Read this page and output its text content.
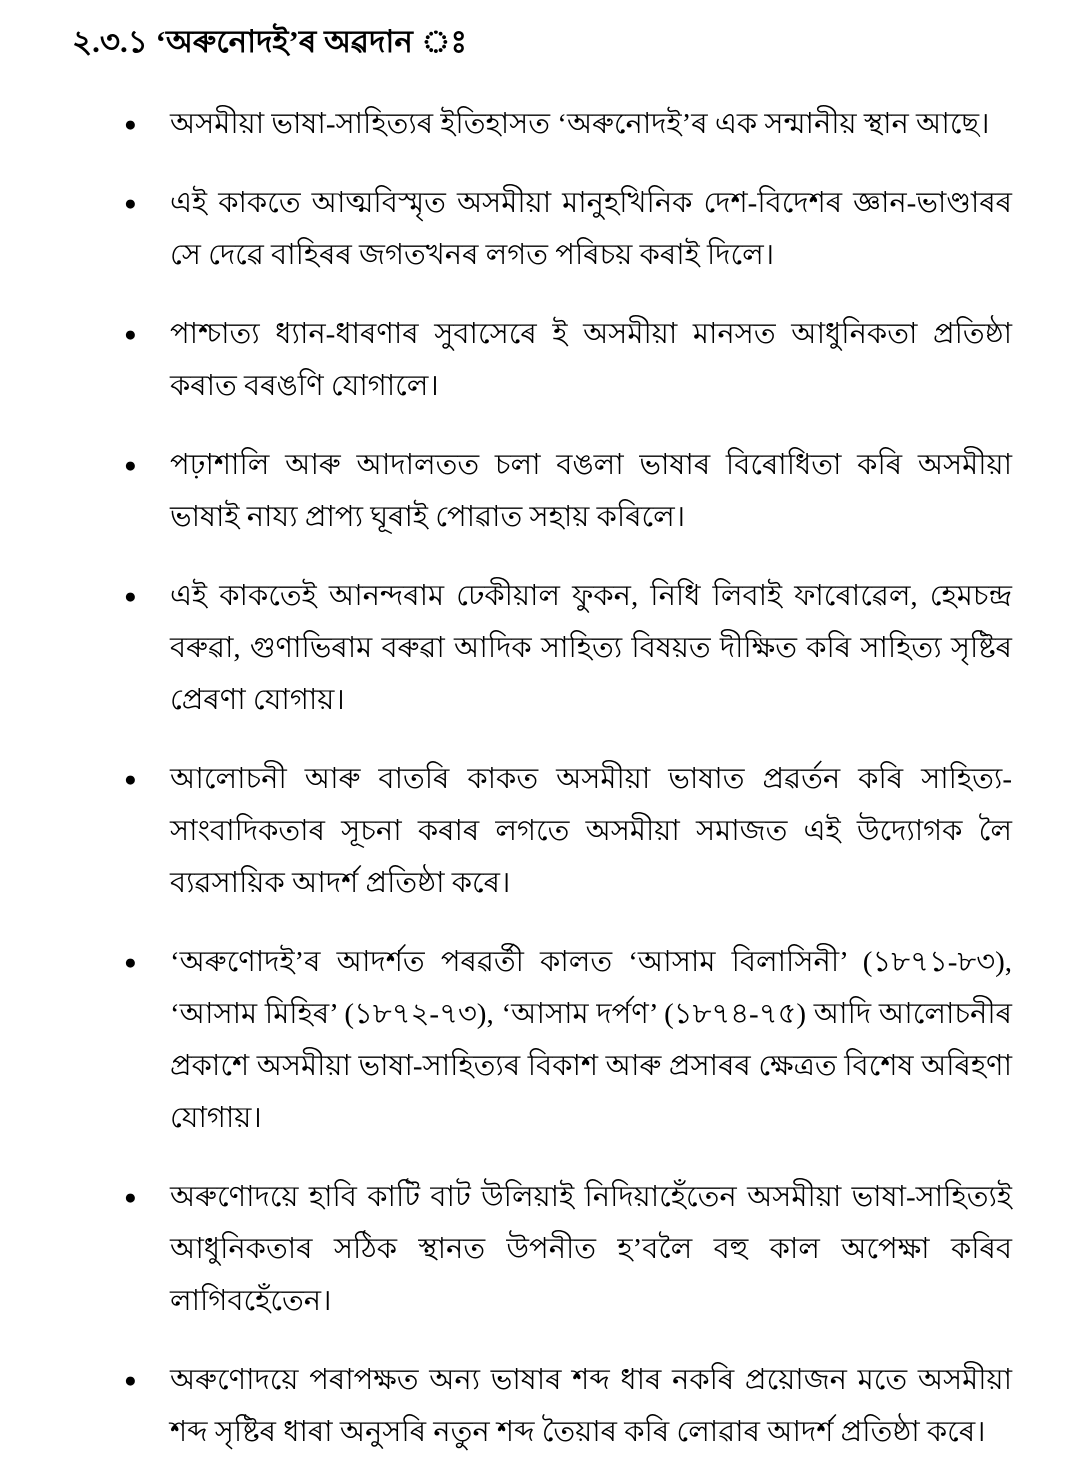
২.৩.১ ‘অৰুনোদই’ৰ অৱদান ঃ
● অসমীয়া ভাষা-সাহিত্যৰ ইতিহাসত ‘অৰুনোদই’ৰ এক সন্মানীয় স্থান আছে।
● এই কাকতে আত্মবিস্মৃত অসমীয়া মানুহখিনিক দেশ-বিদেশৰ জ্ঞান-ভাণ্ডাৰৰ সে দেৱে বাহিৰৰ জগতখনৰ লগত পৰিচয় কৰাই দিলে।
● পাশ্চাত্য ধ্যান-ধাৰণাৰ সুবাসেৰে ই অসমীয়া মানসত আধুনিকতা প্ৰতিষ্ঠা কৰাত বৰঙণি যোগালে।
● পঢ়াশালি আৰু আদালতত চলা বঙলা ভাষাৰ বিৰোধিতা কৰি অসমীয়া ভাষাই নায্য প্ৰাপ্য ঘূৰাই পোৱাত সহায় কৰিলে।
● এই কাকতেই আনন্দৰাম ঢেকীয়াল ফুকন, নিধি লিবাই ফাৰোৱেল, হেমচন্দ্ৰ বৰুৱা, গুণাভিৰাম বৰুৱা আদিক সাহিত্য বিষয়ত দীক্ষিত কৰি সাহিত্য সৃষ্টিৰ প্ৰেৰণা যোগায়।
● আলোচনী আৰু বাতৰি কাকত অসমীয়া ভাষাত প্ৰৱৰ্তন কৰি সাহিত্য-সাংবাদিকতাৰ সূচনা কৰাৰ লগতে অসমীয়া সমাজত এই উদ্যোগক লৈ ব্যৱসায়িক আদৰ্শ প্ৰতিষ্ঠা কৰে।
● ‘অৰুণোদই’ৰ আদৰ্শত পৰৱৰ্তী কালত ‘আসাম বিলাসিনী’ (১৮৭১-৮৩), ‘আসাম মিহিৰ’ (১৮৭২-৭৩), ‘আসাম দৰ্পণ’ (১৮৭৪-৭৫) আদি আলোচনীৰ প্ৰকাশে অসমীয়া ভাষা-সাহিত্যৰ বিকাশ আৰু প্ৰসাৰৰ ক্ষেত্ৰত বিশেষ অৰিহণা যোগায়।
● অৰুণোদয়ে হাবি কাটি বাট উলিয়াই নিদিয়াহেঁতেন অসমীয়া ভাষা-সাহিত্যই আধুনিকতাৰ সঠিক স্থানত উপনীত হ’বলৈ বহু কাল অপেক্ষা কৰিব লাগিবহেঁতেন।
● অৰুণোদয়ে পৰাপক্ষত অন্য ভাষাৰ শব্দ ধাৰ নকৰি প্ৰয়োজন মতে অসমীয়া শব্দ সৃষ্টিৰ ধাৰা অনুসৰি নতুন শব্দ তৈয়াৰ কৰি লোৱাৰ আদৰ্শ প্ৰতিষ্ঠা কৰে।
